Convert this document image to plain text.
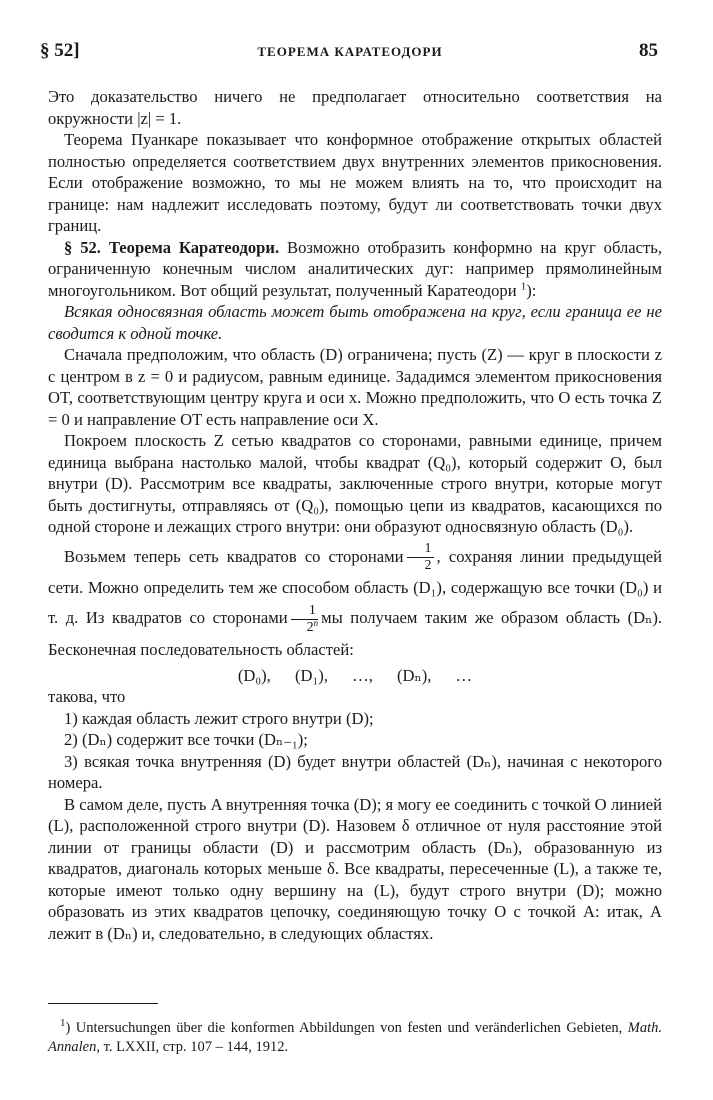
§ 52]	ТЕОРЕМА КАРАТЕОДОРИ	85

Это доказательство ничего не предполагает относительно соответствия на окружности |z| = 1.

Теорема Пуанкаре показывает что конформное отображение открытых областей полностью определяется соответствием двух внутренних элементов прикосновения. Если отображение возможно, то мы не можем влиять на то, что происходит на границе: нам надлежит исследовать поэтому, будут ли соответствовать точки двух границ.

§ 52. Теорема Каратеодори. Возможно отобразить конформно на круг область, ограниченную конечным числом аналитических дуг: например прямолинейным многоугольником. Вот общий результат, полученный Каратеодори $^1$):

Всякая односвязная область может быть отображена на круг, если граница ее не сводится к одной точке.

Сначала предположим, что область (D) ограничена; пусть (Z) — круг в плоскости z с центром в z = 0 и радиусом, равным единице. Зададимся элементом прикосновения OT, соответствующим центру круга и оси x. Можно предположить, что O есть точка Z = 0 и направление OT есть направление оси X.

Покроем плоскость Z сетью квадратов со сторонами, равными единице, причем единица выбрана настолько малой, чтобы квадрат (Q₀), который содержит O, был внутри (D). Рассмотрим все квадраты, заключенные строго внутри, которые могут быть достигнуты, отправляясь от (Q₀), помощью цепи из квадратов, касающихся по одной стороне и лежащих строго внутри: они образуют односвязную область (D₀).

Возьмем теперь сеть квадратов со сторонами $\frac{1}{2}$ , сохраняя линии предыдущей сети. Можно определить тем же способом область (D₁), содержащую все точки (D₀) и т. д. Из квадратов со сторонами $\frac{1}{2^n}$ мы получаем таким же образом область (Dₙ). Бесконечная последовательность областей:

(D₀), (D₁), …, (Dₙ), …

такова, что

1) каждая область лежит строго внутри (D);

2) (Dₙ) содержит все точки (Dₙ₋₁);

3) всякая точка внутренняя (D) будет внутри областей (Dₙ), начиная с некоторого номера.

В самом деле, пусть A внутренняя точка (D); я могу ее соединить с точкой O линией (L), расположенной строго внутри (D). Назовем δ отличное от нуля расстояние этой линии от границы области (D) и рассмотрим область (Dₙ), образованную из квадратов, диагональ которых меньше δ. Все квадраты, пересеченные (L), а также те, которые имеют только одну вершину на (L), будут строго внутри (D); можно образовать из этих квадратов цепочку, соединяющую точку O с точкой A: итак, A лежит в (Dₙ) и, следовательно, в следующих областях.

$^1$) Untersuchungen über die konformen Abbildungen von festen und veränderlichen Gebieten, Math. Annalen, т. LXXII, стр. 107 – 144, 1912.
